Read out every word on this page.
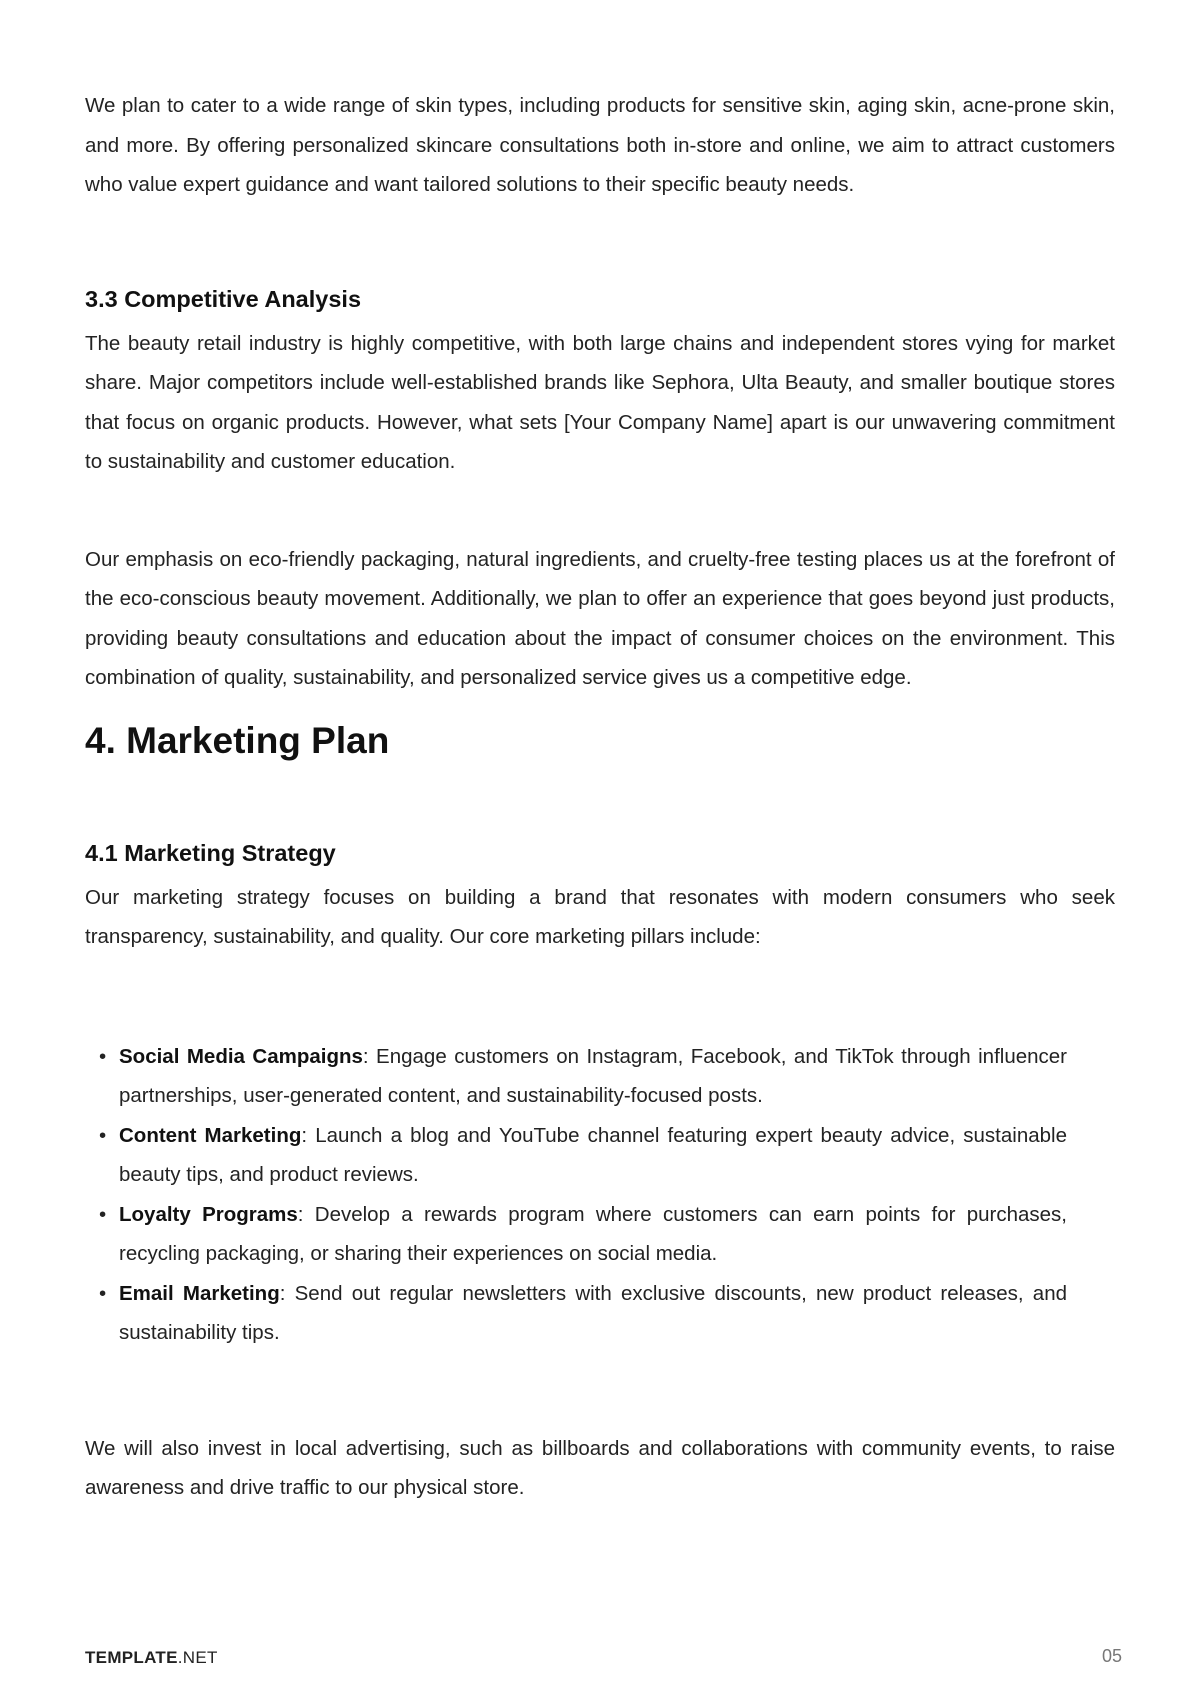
We plan to cater to a wide range of skin types, including products for sensitive skin, aging skin, acne-prone skin, and more. By offering personalized skincare consultations both in-store and online, we aim to attract customers who value expert guidance and want tailored solutions to their specific beauty needs.

3.3 Competitive Analysis

The beauty retail industry is highly competitive, with both large chains and independent stores vying for market share. Major competitors include well-established brands like Sephora, Ulta Beauty, and smaller boutique stores that focus on organic products. However, what sets [Your Company Name] apart is our unwavering commitment to sustainability and customer education.

Our emphasis on eco-friendly packaging, natural ingredients, and cruelty-free testing places us at the forefront of the eco-conscious beauty movement. Additionally, we plan to offer an experience that goes beyond just products, providing beauty consultations and education about the impact of consumer choices on the environment. This combination of quality, sustainability, and personalized service gives us a competitive edge.

4. Marketing Plan
4.1 Marketing Strategy

Our marketing strategy focuses on building a brand that resonates with modern consumers who seek transparency, sustainability, and quality. Our core marketing pillars include:

• Social Media Campaigns: Engage customers on Instagram, Facebook, and TikTok through influencer partnerships, user-generated content, and sustainability-focused posts.
• Content Marketing: Launch a blog and YouTube channel featuring expert beauty advice, sustainable beauty tips, and product reviews.
• Loyalty Programs: Develop a rewards program where customers can earn points for purchases, recycling packaging, or sharing their experiences on social media.
• Email Marketing: Send out regular newsletters with exclusive discounts, new product releases, and sustainability tips.

We will also invest in local advertising, such as billboards and collaborations with community events, to raise awareness and drive traffic to our physical store.

TEMPLATE.NET	05
